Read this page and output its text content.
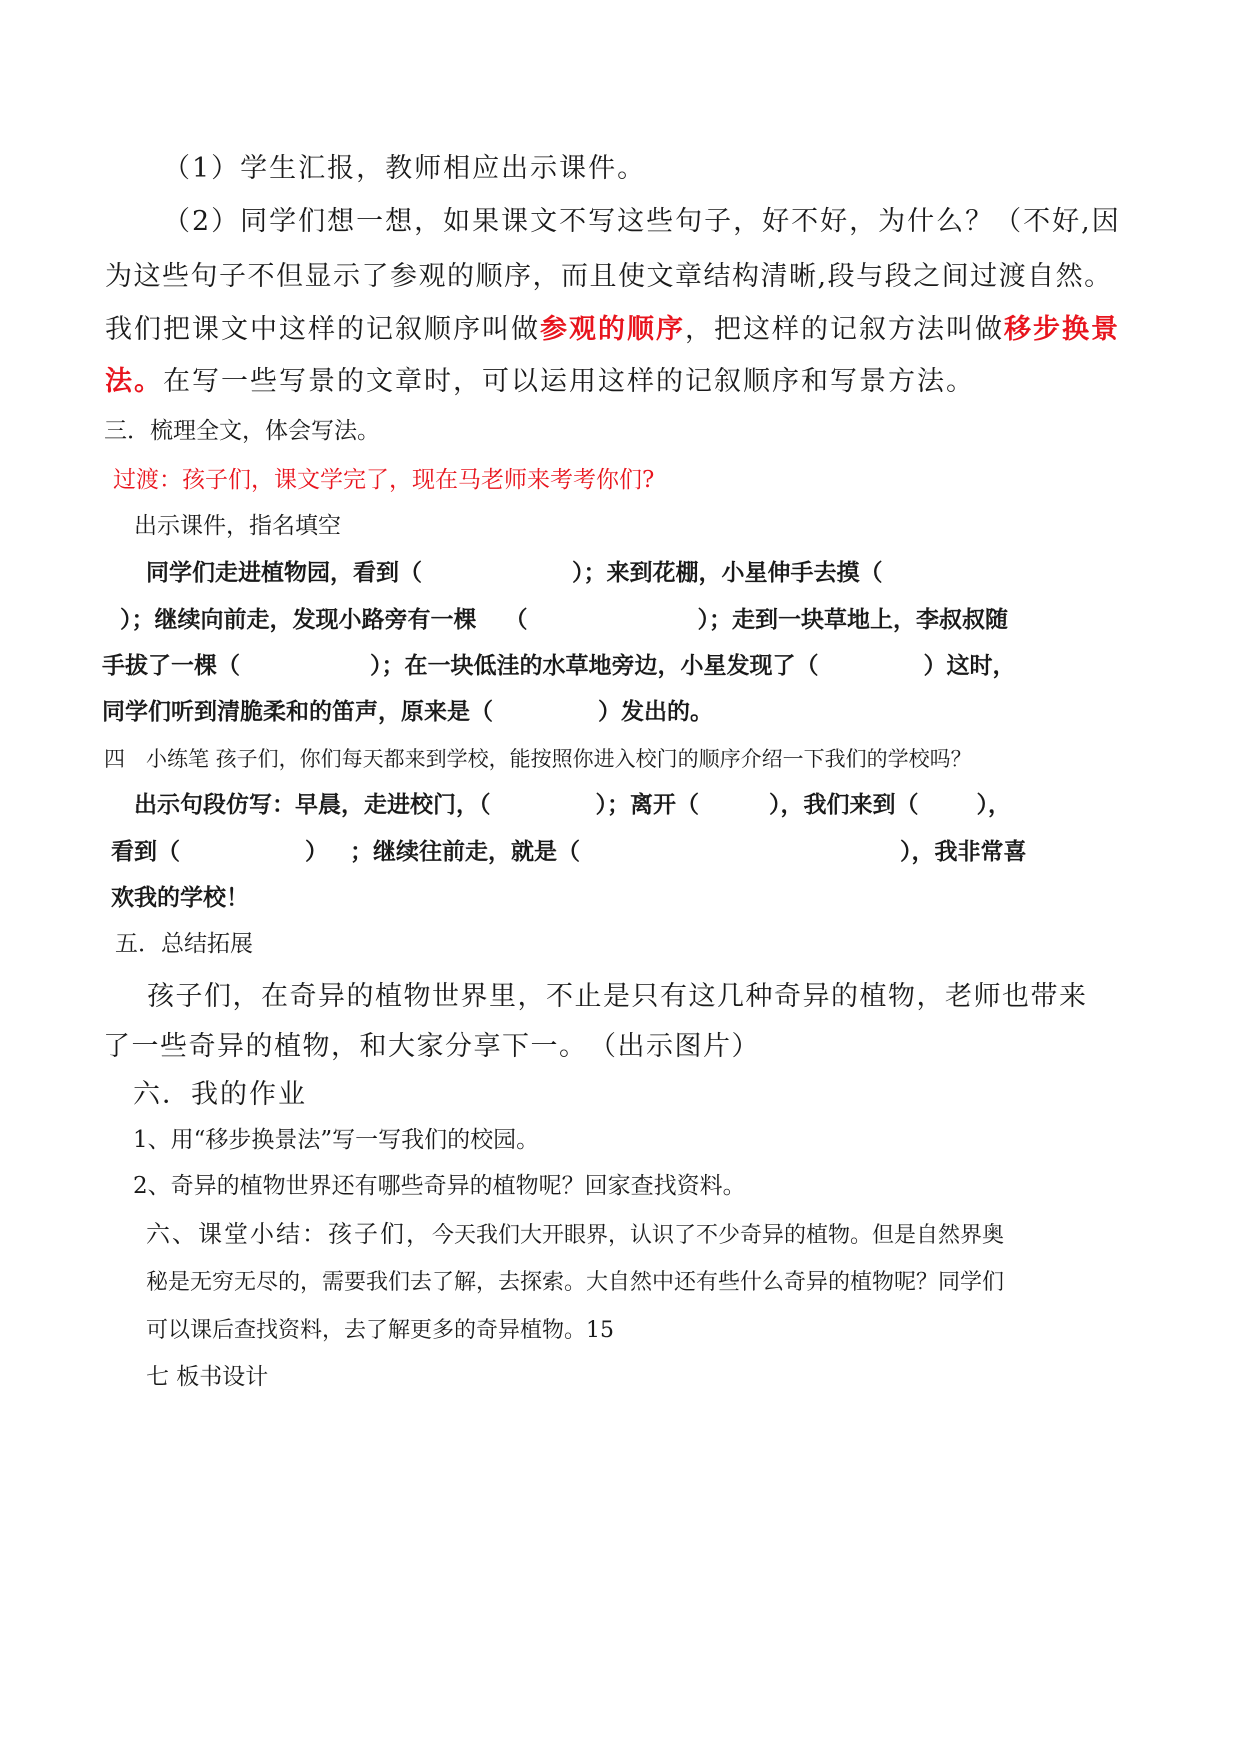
（1）学生汇报，教师相应出示课件。

（2）同学们想一想，如果课文不写这些句子，好不好，为什么？（不好,因

为这些句子不但显示了参观的顺序，而且使文章结构清晰,段与段之间过渡自然。

我们把课文中这样的记叙顺序叫做参观的顺序，把这样的记叙方法叫做移步换景

法。在写一些写景的文章时，可以运用这样的记叙顺序和写景方法。

三．梳理全文，体会写法。

过渡：孩子们，课文学完了，现在马老师来考考你们?

出示课件，指名填空

同学们走进植物园，看到（	）；来到花棚，小星伸手去摸（

）；继续向前走，发现小路旁有一棵 （	）；走到一块草地上，李叔叔随

手拔了一棵（	）；在一块低洼的水草地旁边，小星发现了（	）这时，

同学们听到清脆柔和的笛声，原来是（	）发出的。

四　小练笔 孩子们，你们每天都来到学校，能按照你进入校门的顺序介绍一下我们的学校吗？

出示句段仿写：早晨，走进校门，（	）；离开（	），我们来到（	），

看到（	） ；继续往前走，就是（	），我非常喜

欢我的学校！

五．总结拓展

孩子们，在奇异的植物世界里，不止是只有这几种奇异的植物，老师也带来

了一些奇异的植物，和大家分享下一。　（出示图片）

六．我的作业

1、用“移步换景法”写一写我们的校园。

2、奇异的植物世界还有哪些奇异的植物呢？回家查找资料。

六、课堂小结：孩子们，今天我们大开眼界，认识了不少奇异的植物。但是自然界奥

秘是无穷无尽的，需要我们去了解，去探索。大自然中还有些什么奇异的植物呢？同学们

可以课后查找资料，去了解更多的奇异植物。15

七 板书设计
